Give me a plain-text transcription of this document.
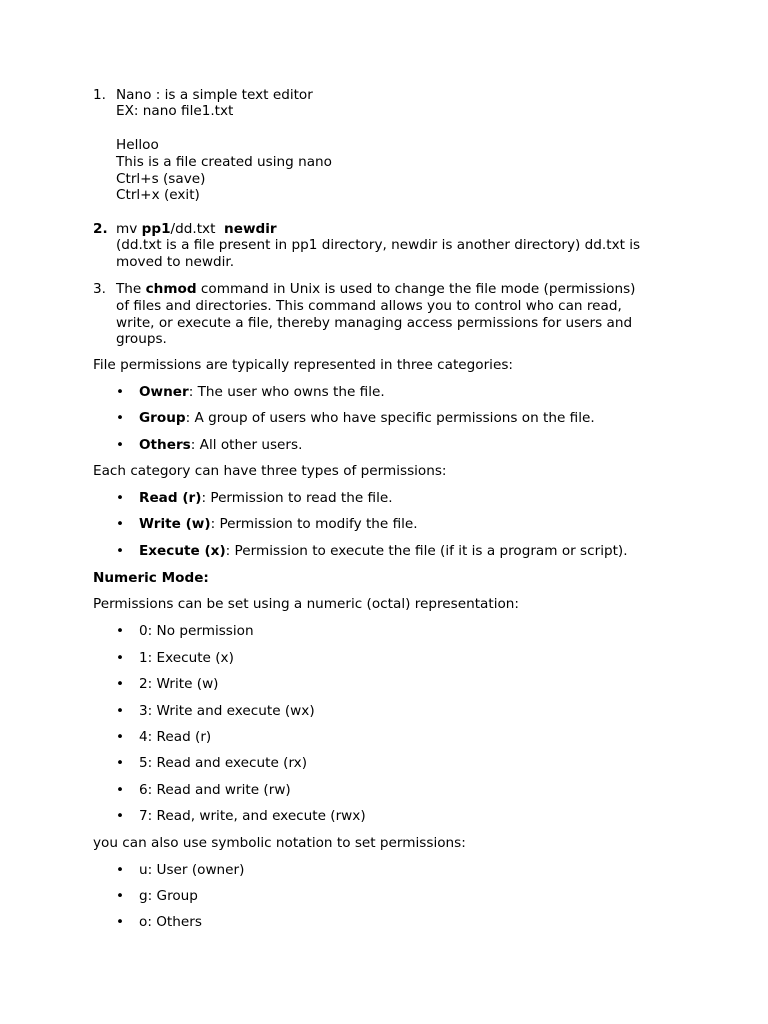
1. Nano : is a simple text editor
EX: nano file1.txt
Helloo
This is a file created using nano
Ctrl+s (save)
Ctrl+x (exit)
2. mv pp1/dd.txt  newdir
(dd.txt is a file present in pp1 directory, newdir is another directory) dd.txt is
moved to newdir.
3. The chmod command in Unix is used to change the file mode (permissions)
of files and directories. This command allows you to control who can read,
write, or execute a file, thereby managing access permissions for users and
groups.
File permissions are typically represented in three categories:
• Owner: The user who owns the file.
• Group: A group of users who have specific permissions on the file.
• Others: All other users.
Each category can have three types of permissions:
• Read (r): Permission to read the file.
• Write (w): Permission to modify the file.
• Execute (x): Permission to execute the file (if it is a program or script).
Numeric Mode:
Permissions can be set using a numeric (octal) representation:
• 0: No permission
• 1: Execute (x)
• 2: Write (w)
• 3: Write and execute (wx)
• 4: Read (r)
• 5: Read and execute (rx)
• 6: Read and write (rw)
• 7: Read, write, and execute (rwx)
you can also use symbolic notation to set permissions:
• u: User (owner)
• g: Group
• o: Others
